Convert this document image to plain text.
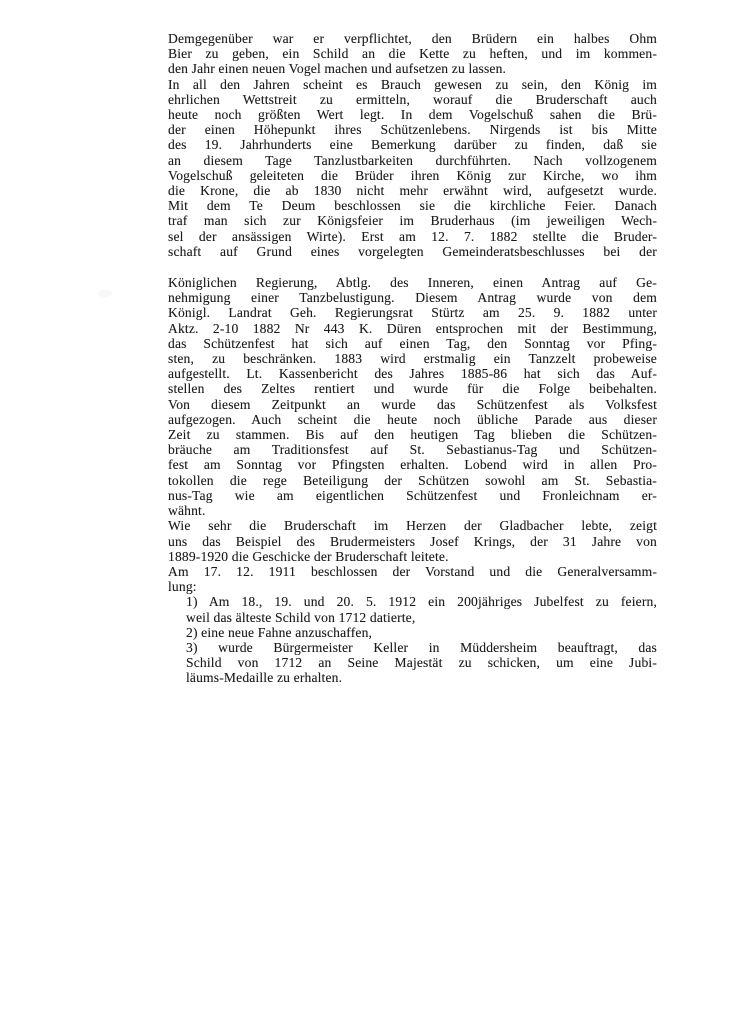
Demgegenüber war er verpflichtet, den Brüdern ein halbes Ohm
Bier zu geben, ein Schild an die Kette zu heften, und im kommen-
den Jahr einen neuen Vogel machen und aufsetzen zu lassen.
In all den Jahren scheint es Brauch gewesen zu sein, den König im
ehrlichen Wettstreit zu ermitteln, worauf die Bruderschaft auch
heute noch größten Wert legt. In dem Vogelschuß sahen die Brü-
der einen Höhepunkt ihres Schützenlebens. Nirgends ist bis Mitte
des 19. Jahrhunderts eine Bemerkung darüber zu finden, daß sie
an diesem Tage Tanzlustbarkeiten durchführten. Nach vollzogenem
Vogelschuß geleiteten die Brüder ihren König zur Kirche, wo ihm
die Krone, die ab 1830 nicht mehr erwähnt wird, aufgesetzt wurde.
Mit dem Te Deum beschlossen sie die kirchliche Feier. Danach
traf man sich zur Königsfeier im Bruderhaus (im jeweiligen Wech-
sel der ansässigen Wirte). Erst am 12. 7. 1882 stellte die Bruder-
schaft auf Grund eines vorgelegten Gemeinderatsbeschlusses bei der
Königlichen Regierung, Abtlg. des Inneren, einen Antrag auf Ge-
nehmigung einer Tanzbelustigung. Diesem Antrag wurde von dem
Königl. Landrat Geh. Regierungsrat Stürtz am 25. 9. 1882 unter
Aktz. 2-10 1882 Nr 443 K. Düren entsprochen mit der Bestimmung,
das Schützenfest hat sich auf einen Tag, den Sonntag vor Pfing-
sten, zu beschränken. 1883 wird erstmalig ein Tanzzelt probeweise
aufgestellt. Lt. Kassenbericht des Jahres 1885-86 hat sich das Auf-
stellen des Zeltes rentiert und wurde für die Folge beibehalten.
Von diesem Zeitpunkt an wurde das Schützenfest als Volksfest
aufgezogen. Auch scheint die heute noch übliche Parade aus dieser
Zeit zu stammen. Bis auf den heutigen Tag blieben die Schützen-
bräuche am Traditionsfest auf St. Sebastianus-Tag und Schützen-
fest am Sonntag vor Pfingsten erhalten. Lobend wird in allen Pro-
tokollen die rege Beteiligung der Schützen sowohl am St. Sebastia-
nus-Tag wie am eigentlichen Schützenfest und Fronleichnam er-
wähnt.
Wie sehr die Bruderschaft im Herzen der Gladbacher lebte, zeigt
uns das Beispiel des Brudermeisters Josef Krings, der 31 Jahre von
1889-1920 die Geschicke der Bruderschaft leitete.
Am 17. 12. 1911 beschlossen der Vorstand und die Generalversamm-
lung:
1) Am 18., 19. und 20. 5. 1912 ein 200jähriges Jubelfest zu feiern,
weil das älteste Schild von 1712 datierte,
2) eine neue Fahne anzuschaffen,
3) wurde Bürgermeister Keller in Müddersheim beauftragt, das
Schild von 1712 an Seine Majestät zu schicken, um eine Jubi-
läums-Medaille zu erhalten.
